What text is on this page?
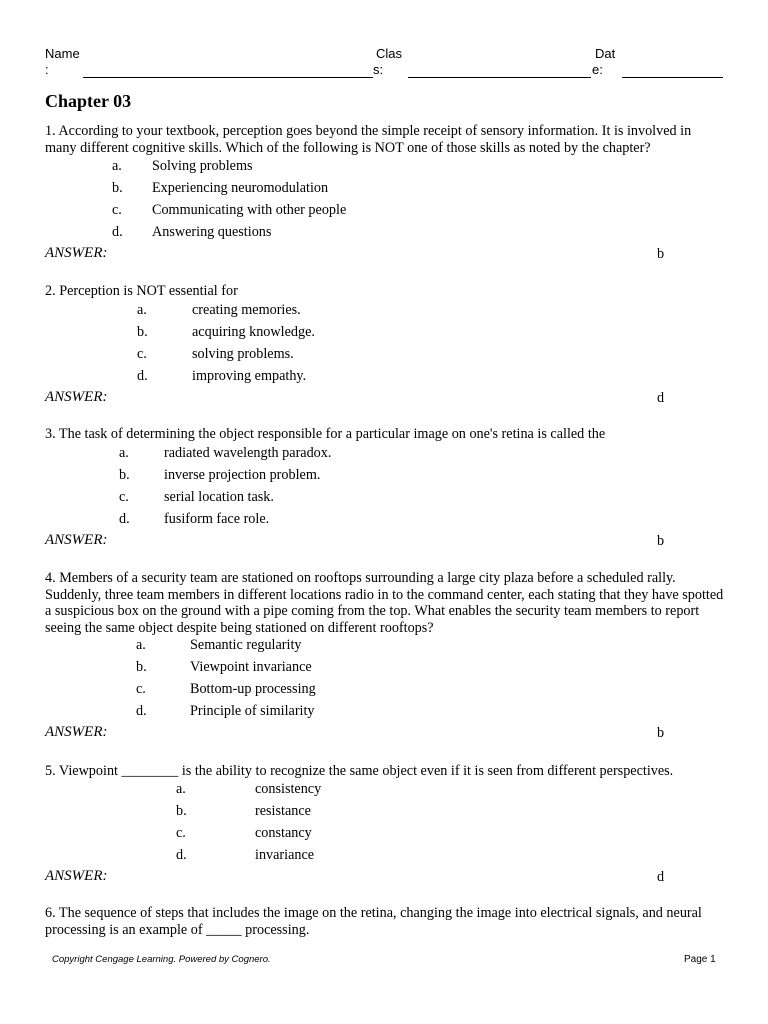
Name
:
Clas
s:
Dat
e:
Chapter 03
1. According to your textbook, perception goes beyond the simple receipt of sensory information. It is involved in many different cognitive skills. Which of the following is NOT one of those skills as noted by the chapter?
a. Solving problems
b. Experiencing neuromodulation
c. Communicating with other people
d. Answering questions
ANSWER:	b
2. Perception is NOT essential for
a.	creating memories.
b.	acquiring knowledge.
c.	solving problems.
d.	improving empathy.
ANSWER:	d
3. The task of determining the object responsible for a particular image on one's retina is called the
a. radiated wavelength paradox.
b. inverse projection problem.
c. serial location task.
d. fusiform face role.
ANSWER:	b
4. Members of a security team are stationed on rooftops surrounding a large city plaza before a scheduled rally. Suddenly, three team members in different locations radio in to the command center, each stating that they have spotted a suspicious box on the ground with a pipe coming from the top. What enables the security team members to report seeing the same object despite being stationed on different rooftops?
a.	Semantic regularity
b.	Viewpoint invariance
c.	Bottom-up processing
d.	Principle of similarity
ANSWER:	b
5. Viewpoint ________ is the ability to recognize the same object even if it is seen from different perspectives.
a.	consistency
b.	resistance
c.	constancy
d.	invariance
ANSWER:	d
6. The sequence of steps that includes the image on the retina, changing the image into electrical signals, and neural processing is an example of _____ processing.
Copyright Cengage Learning. Powered by Cognero.	Page 1
